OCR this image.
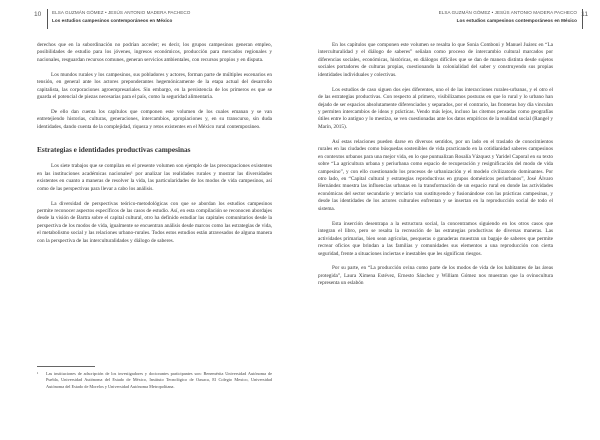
10 ELSA GUZMÁN GÓMEZ • JESÚS ANTONIO MADERA PACHECO
Los estudios campesinos contemporáneos en México

derechos que en la subordinación no podrían acceder; es decir, los grupos campesinos generan empleo, posibilidades de estudio para los jóvenes, ingresos económicos, producción para mercados regionales y nacionales, resguardan recursos comunes, generan servicios ambientales, con recursos propios y en disputa.

Los mundos rurales y los campesinos, sus pobladores y actores, forman parte de múltiples escenarios en tensión, en general ante los actores preponderantes hegemónicamente de la etapa actual del desarrollo capitalista, las corporaciones agroempresariales. Sin embargo, en la persistencia de los primeros es que se guarda el potencial de piezas necesarias para el país, como la seguridad alimentaria.

De ello dan cuenta los capítulos que componen este volumen de los cuales emanan y se van entretejiendo historias, culturas, generaciones, intercambios, apropiaciones y, en su transcurso, sin duda identidades, dando cuenta de la complejidad, riqueza y retos existentes en el México rural contemporáneo.

Estrategias e identidades productivas campesinas

Los siete trabajos que se compilan en el presente volumen son ejemplo de las preocupaciones existentes en las instituciones académicas nacionales¹ por analizar las realidades rurales y mostrar las diversidades existentes en cuanto a maneras de resolver la vida, las particularidades de los modos de vida campesinos, así como de las perspectivas para llevar a cabo los análisis.

La diversidad de perspectivas teórico-metodológicas con que se abordan los estudios campesinos permite reconocer aspectos específicos de las casos de estudio. Así, en esta compilación se reconocen abordajes desde la visión de Bartra sobre el capital cultural, otro ha definido estudiar las capitales comunitarios desde la perspectiva de los modos de vida, igualmente se encuentran análisis desde marcos como las estrategias de vida, el metabolismo social y las relaciones urbano-rurales. Todos estos estudios están atravesados de alguna manera con la perspectiva de las interculturalidades y diálogo de saberes.

¹ Las instituciones de adscripción de los investigadores y doctorantes participantes son: Benemérita Universidad Autónoma de Puebla, Universidad Autónoma del Estado de México, Instituto Tecnológico de Oaxaca, El Colegio Mexico, Universidad Autónoma del Estado de Morelos y Universidad Autónoma Metropolitana.
ELSA GUZMÁN GÓMEZ • JESÚS ANTONIO MADERA PACHECO
Los estudios campesinos contemporáneos en México
11

En los capítulos que componen este volumen se resalta lo que Sonia Comboni y Manuel Juárez en “La interculturalidad y el diálogo de saberes” señalan como proceso de intercambio cultural marcados por diferencias sociales, económicas, históricas, en diálogos difíciles que se dan de manera distinta desde sujetos sociales portadores de culturas propias, cuestionando la colonialidad del saber y construyendo sus propias identidades individuales y colectivas.

Los estudios de caso siguen dos ejes diferentes, uno el de las interacciones rurales-urbanas, y el otro el de las estrategias productivas. Con respecto al primero, visibilizamos posturas en que lo rural y lo urbano han dejado de ser espacios absolutamente diferenciados y separados, por el contrario, las fronteras hoy día vinculan y permiten intercambios de ideas y prácticas. Vendo más lejos, incluso las citemos pensadas como geografías útiles entre lo antiguo y lo mestizo, se ven cuestionadas ante los datos empíricos de la realidad social (Rangel y Marín, 2015).

Así estas relaciones pueden darse en diversos sentidos, por un lado en el traslado de conocimientos rurales en las ciudades como búsquedas sostenibles de vida practicando en la cotidianidad saberes campesinos en contextos urbanos para una mejor vida, en lo que puntualizan Rosalía Vázquez y Yaridel Caporal en su texto sobre “La agricultura urbana y periurbana como espacio de recuperación y resignificación del modo de vida campesino”, y con ello cuestionando los procesos de urbanización y el modelo civilizatorio dominantes. Por otro lado, en “Capital cultural y estrategias reproductivas en grupos domésticos periurbanos”, José Álvaro Hernández muestra las influencias urbanas en la transformación de un espacio rural en donde las actividades económicas del sector secundario y terciario van sustituyendo y fusionándose con las prácticas campesinas, y desde las identidades de los actores culturales enfrentan y se insertan en la reproducción social de todo el sistema.

Esta inserción desentrapa a la estructura social, la concentramos siguiendo en los otros casos que integran el libro, pero se resalta la recreación de las estrategias productivas de diversas maneras. Las actividades primarias, bien sean agrícolas, pesqueras o ganaderas muestran un bagaje de saberes que permite recrear oficios que brindan a las familias y comunidades sus elementos a una reproducción con cierta seguridad, frente a situaciones inciertas e inestables que les significan riesgos.

Por su parte, en “La producción ovina como parte de los modos de vida de los habitantes de las áreas protegida”, Laura Ximena Estévez, Ernesto Sánchez y William Gómez nos muestran que la ovinocultura representa un eslabón
